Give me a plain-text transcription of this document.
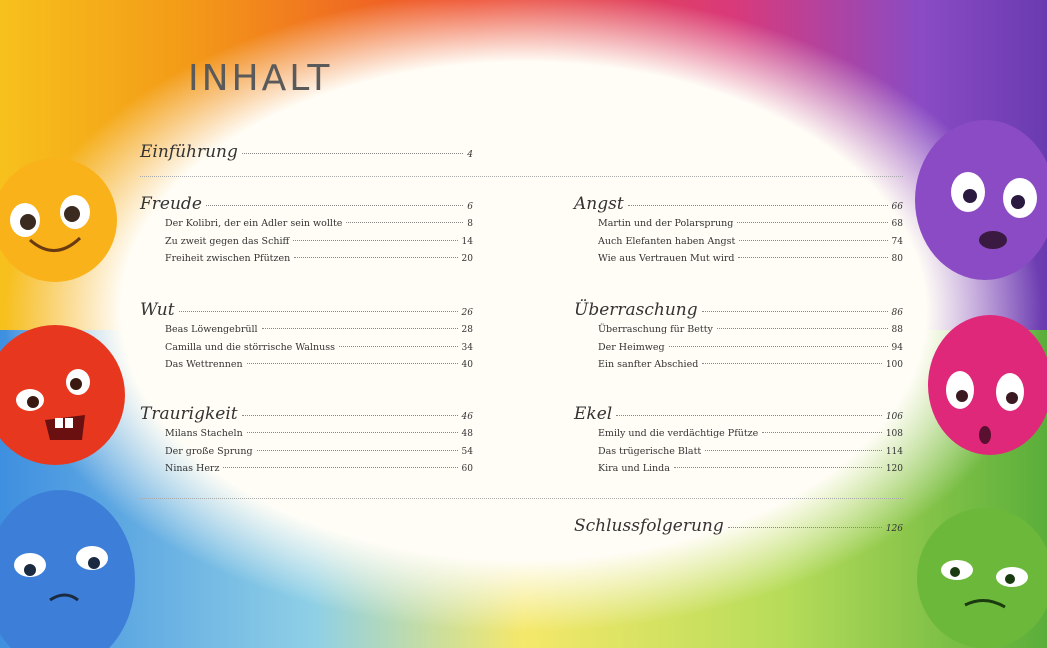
INHALT
Einführung	4
Freude	6
Der Kolibri, der ein Adler sein wollte	8
Zu zweit gegen das Schiff	14
Freiheit zwischen Pfützen	20
Wut	26
Beas Löwengebrüll	28
Camilla und die störrische Walnuss	34
Das Wettrennen	40
Traurigkeit	46
Milans Stacheln	48
Der große Sprung	54
Ninas Herz	60
Angst	66
Martin und der Polarsprung	68
Auch Elefanten haben Angst	74
Wie aus Vertrauen Mut wird	80
Überraschung	86
Überraschung für Betty	88
Der Heimweg	94
Ein sanfter Abschied	100
Ekel	106
Emily und die verdächtige Pfütze	108
Das trügerische Blatt	114
Kira und Linda	120
Schlussfolgerung	126
